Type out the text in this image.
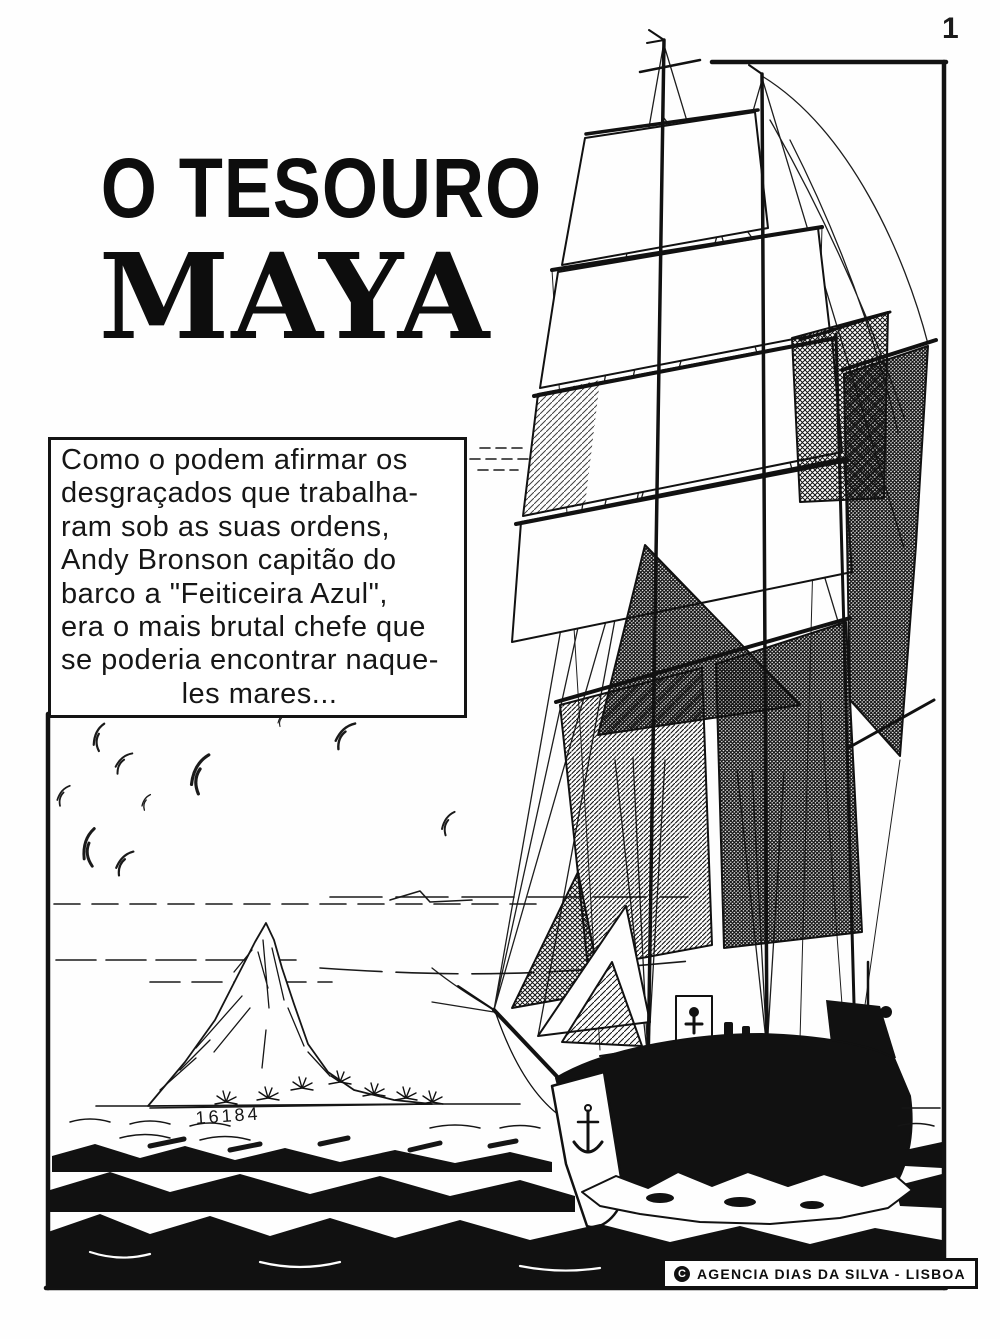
16184
1
O TESOURO
MAYA
Como o podem afirmar os
desgraçados que trabalha-
ram sob as suas ordens,
Andy Bronson capitão do
barco a "Feiticeira Azul",
era o mais brutal chefe que
se poderia encontrar naque-
les mares...
C AGENCIA DIAS DA SILVA - LISBOA
